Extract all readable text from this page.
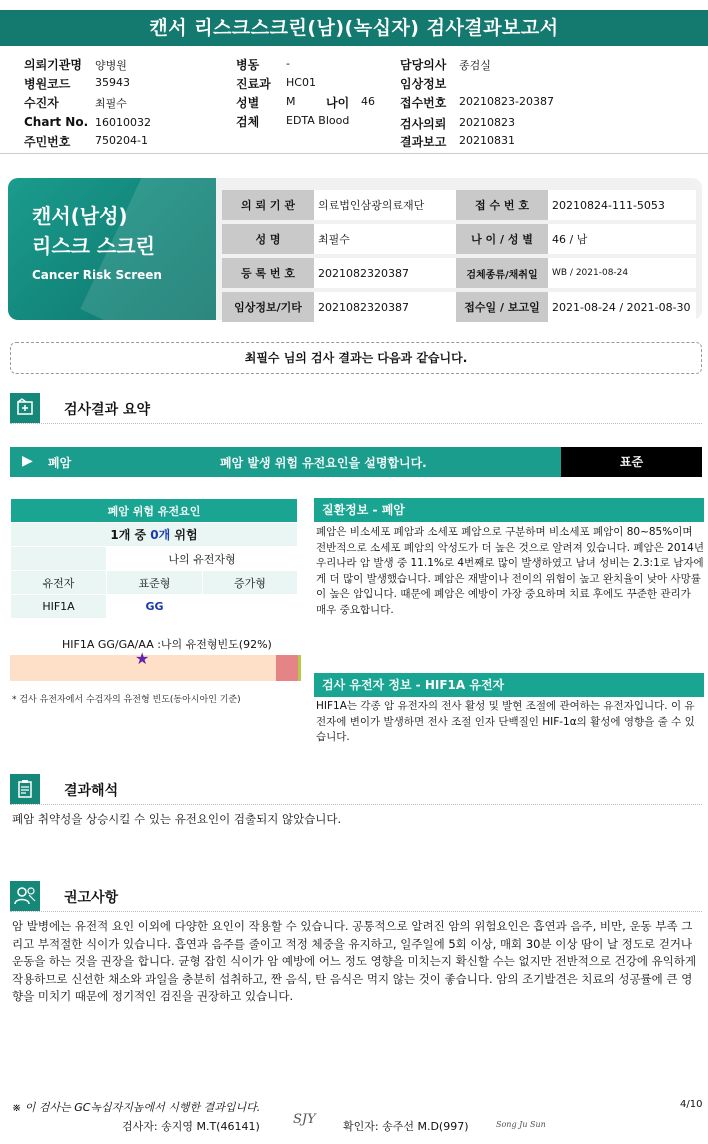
캔서 리스크스크린(남)(녹십자) 검사결과보고서
의뢰기관명 양병원
병원코드 35943
수진자	최필수
Chart No. 16010032
주민번호 750204-1
병동 -
진료과 HC01
성별 M	나이 46
검체 EDTA Blood
담당의사 종검실
임상정보
접수번호 20210823-20387
검사의뢰 20210823
결과보고 20210831
캔서(남성)
리스크 스크린
Cancer Risk Screen
의 뢰 기 관	의료법인삼광의료재단	접 수 번 호	20210824-111-5053
성 명	최필수	나 이 / 성 별	46 / 남
등 록 번 호	2021082320387	검체종류/채취일	WB / 2021-08-24
임상정보/기타	2021082320387	접수일 / 보고일	2021-08-24 / 2021-08-30
최필수 님의 검사 결과는 다음과 같습니다.
검사결과 요약
▶ 폐암	폐암 발생 위험 유전요인을 설명합니다.	표준
폐암 위험 유전요인		
1개 중 0개 위험		
	나의 유전자형	
유전자	표준형	증가형
HIF1A	GG	
HIF1A GG/GA/AA :나의 유전형빈도(92%)
★
* 검사 유전자에서 수검자의 유전형 빈도(동아시아인 기준)
질환정보 - 폐암
폐암은 비소세포 폐암과 소세포 폐암으로 구분하며 비소세포 폐암이 80~85%이며 전반적으로 소세포 폐암의 악성도가 더 높은 것으로 알려져 있습니다. 폐암은 2014년 우리나라 암 발생 중 11.1%로 4번째로 많이 발생하였고 남녀 성비는 2.3:1로 남자에게 더 많이 발생했습니다. 폐암은 재발이나 전이의 위험이 높고 완치율이 낮아 사망률이 높은 암입니다. 때문에 폐암은 예방이 가장 중요하며 치료 후에도 꾸준한 관리가 매우 중요합니다.
검사 유전자 정보 - HIF1A 유전자
HIF1A는 각종 암 유전자의 전사 활성 및 발현 조절에 관여하는 유전자입니다. 이 유전자에 변이가 발생하면 전사 조절 인자 단백질인 HIF-1α의 활성에 영향을 줄 수 있습니다.
결과해석
폐암 취약성을 상승시킬 수 있는 유전요인이 검출되지 않았습니다.
권고사항
암 발병에는 유전적 요인 이외에 다양한 요인이 작용할 수 있습니다. 공통적으로 알려진 암의 위험요인은 흡연과 음주, 비만, 운동 부족 그리고 부적절한 식이가 있습니다. 흡연과 음주를 줄이고 적정 체중을 유지하고, 일주일에 5회 이상, 매회 30분 이상 땀이 날 정도로 걷거나 운동을 하는 것을 권장을 합니다. 균형 잡힌 식이가 암 예방에 어느 정도 영향을 미치는지 확신할 수는 없지만 전반적으로 건강에 유익하게 작용하므로 신선한 채소와 과일을 충분히 섭취하고, 짠 음식, 탄 음식은 먹지 않는 것이 좋습니다. 암의 조기발견은 치료의 성공률에 큰 영향을 미치기 때문에 정기적인 검진을 권장하고 있습니다.
※ 이 검사는 GC녹십자지놈에서 시행한 결과입니다.	4/10
검사자: 송지영 M.T(46141)	SJY 확인자: 송주선 M.D(997)	Song Ju Sun
